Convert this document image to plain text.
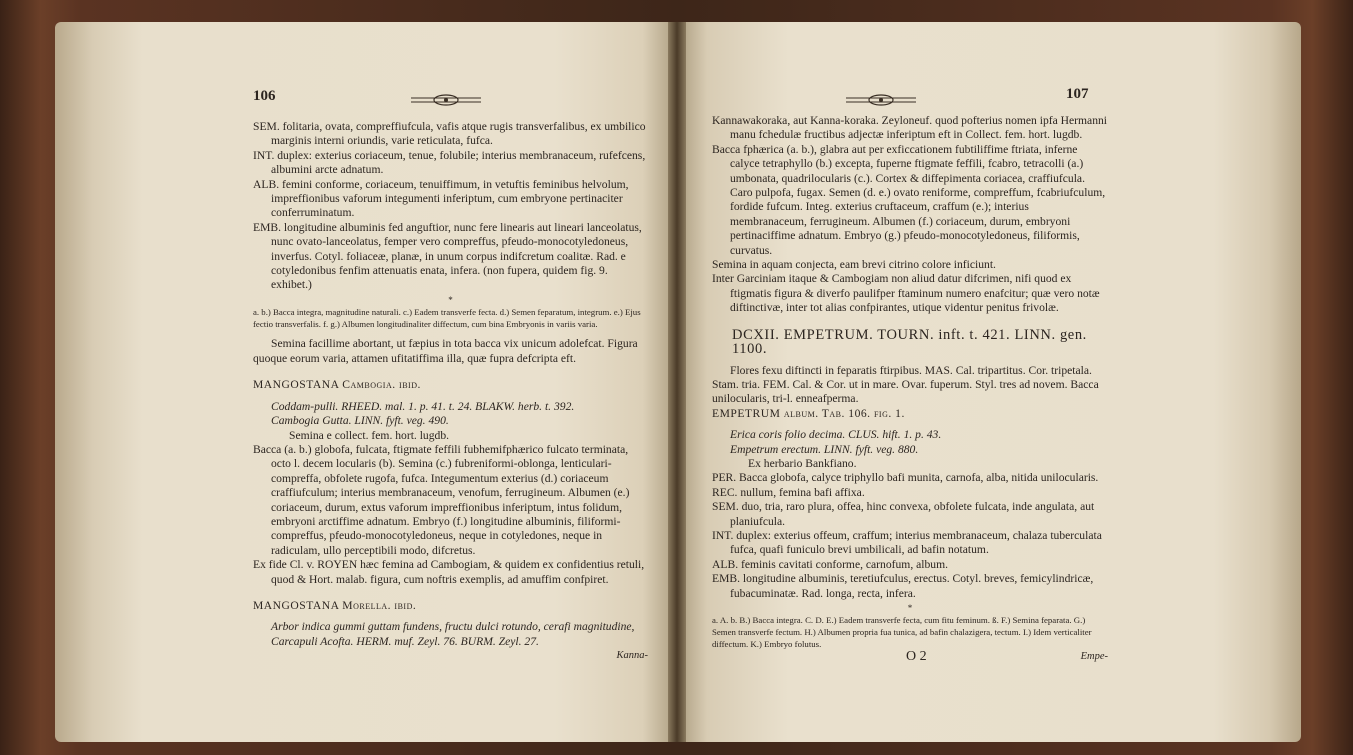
106

SEM. folitaria, ovata, compreffiufcula, vafis atque rugis transverfalibus, ex umbilico marginis interni oriundis, varie reticulata, fufca.

INT. duplex: exterius coriaceum, tenue, folubile; interius membranaceum, rufefcens, albumini arcte adnatum.

ALB. femini conforme, coriaceum, tenuiffimum, in vetuftis feminibus helvolum, impreffionibus vaforum integumenti inferiptum, cum embryone pertinaciter conferruminatum.

EMB. longitudine albuminis fed anguftior, nunc fere linearis aut lineari lanceolatus, nunc ovato-lanceolatus, femper vero compreffus, pfeudo-monocotyledoneus, inverfus. Cotyl. foliaceæ, planæ, in unum corpus indifcretum coalitæ. Rad. e cotyledonibus fenfim attenuatis enata, infera. (non fupera, quidem fig. 9. exhibet.)

*

a. b.) Bacca integra, magnitudine naturali. c.) Eadem transverfe fecta. d.) Semen feparatum, integrum. e.) Ejus fectio transverfalis. f. g.) Albumen longitudinaliter diffectum, cum bina Embryonis in variis varia.

Semina facillime abortant, ut fæpius in tota bacca vix unicum adolefcat. Figura quoque eorum varia, attamen ufitatiffima illa, quæ fupra defcripta eft.

MANGOSTANA Cambogia. ibid.

Coddam-pulli. RHEED. mal. 1. p. 41. t. 24. BLAKW. herb. t. 392.

Cambogia Gutta. LINN. fyft. veg. 490.

Semina e collect. fem. hort. lugdb.

Bacca (a. b.) globofa, fulcata, ftigmate feffili fubhemifphærico fulcato terminata, octo l. decem locularis (b). Semina (c.) fubreniformi-oblonga, lenticulari-compreffa, obfolete rugofa, fufca. Integumentum exterius (d.) coriaceum craffiufculum; interius membranaceum, venofum, ferrugineum. Albumen (e.) coriaceum, durum, extus vaforum impreffionibus inferiptum, intus folidum, embryoni arctiffime adnatum. Embryo (f.) longitudine albuminis, filiformi-compreffus, pfeudo-monocotyledoneus, neque in cotyledones, neque in radiculam, ullo perceptibili modo, difcretus.

Ex fide Cl. v. ROYEN hæc femina ad Cambogiam, & quidem ex confidentius retuli, quod & Hort. malab. figura, cum noftris exemplis, ad amuffim confpiret.

MANGOSTANA Morella. ibid.

Arbor indica gummi guttam fundens, fructu dulci rotundo, cerafi magnitudine, Carcapuli Acofta. HERM. muf. Zeyl. 76. BURM. Zeyl. 27.

Kanna-

107

Kannawakoraka, aut Kanna-koraka. Zeyloneuf. quod pofterius nomen ipfa Hermanni manu fchedulæ fructibus adjectæ inferiptum eft in Collect. fem. hort. lugdb.

Bacca fphærica (a. b.), glabra aut per exficcationem fubtiliffime ftriata, inferne calyce tetraphyllo (b.) excepta, fuperne ftigmate feffili, fcabro, tetracolli (a.) umbonata, quadrilocularis (c.). Cortex & diffepimenta coriacea, craffiufcula. Caro pulpofa, fugax. Semen (d. e.) ovato reniforme, compreffum, fcabriufculum, fordide fufcum. Integ. exterius cruftaceum, craffum (e.); interius membranaceum, ferrugineum. Albumen (f.) coriaceum, durum, embryoni pertinaciffime adnatum. Embryo (g.) pfeudo-monocotyledoneus, filiformis, curvatus.

Semina in aquam conjecta, eam brevi citrino colore inficiunt.

Inter Garciniam itaque & Cambogiam non aliud datur difcrimen, nifi quod ex ftigmatis figura & diverfo paulifper ftaminum numero enafcitur; quæ vero notæ diftinctivæ, inter tot alias confpirantes, utique videntur penitus frivolæ.

DCXII. EMPETRUM. TOURN. inft. t. 421. LINN. gen. 1100.

Flores fexu diftincti in feparatis ftirpibus. MAS. Cal. tripartitus. Cor. tripetala. Stam. tria. FEM. Cal. & Cor. ut in mare. Ovar. fuperum. Styl. tres ad novem. Bacca unilocularis, tri-l. enneafperma.

EMPETRUM album. Tab. 106. fig. 1.

Erica coris folio decima. CLUS. hift. 1. p. 43.

Empetrum erectum. LINN. fyft. veg. 880.

Ex herbario Bankfiano.

PER. Bacca globofa, calyce triphyllo bafi munita, carnofa, alba, nitida unilocularis.

REC. nullum, femina bafi affixa.

SEM. duo, tria, raro plura, offea, hinc convexa, obfolete fulcata, inde angulata, aut planiufcula.

INT. duplex: exterius offeum, craffum; interius membranaceum, chalaza tuberculata fufca, quafi funiculo brevi umbilicali, ad bafin notatum.

ALB. feminis cavitati conforme, carnofum, album.

EMB. longitudine albuminis, teretiufculus, erectus. Cotyl. breves, femicylindricæ, fubacuminatæ. Rad. longa, recta, infera.

*

a. A. b. B.) Bacca integra. C. D. E.) Eadem transverfe fecta, cum fitu feminum. ß. F.) Semina feparata. G.) Semen transverfe fectum. H.) Albumen propria fua tunica, ad bafin chalazigera, tectum. I.) Idem verticaliter diffectum. K.) Embryo folutus.

O 2	Empe-
